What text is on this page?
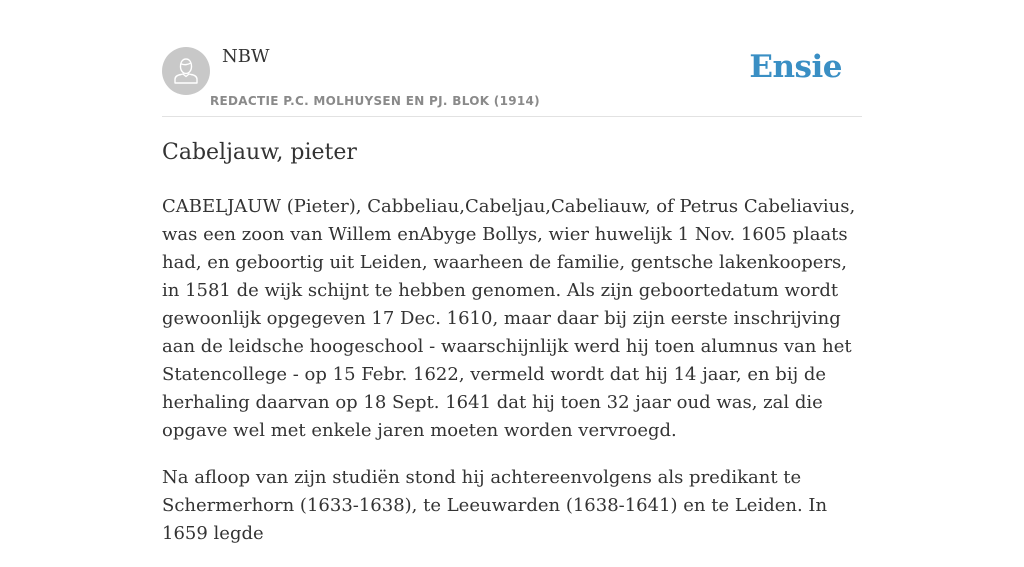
NBW
REDACTIE P.C. MOLHUYSEN EN PJ. BLOK (1914)
Ensie
Cabeljauw, pieter

CABELJAUW (Pieter), Cabbeliau,Cabeljau,Cabeliauw, of Petrus Cabeliavius, was een zoon van Willem enAbyge Bollys, wier huwelijk 1 Nov. 1605 plaats had, en geboortig uit Leiden, waarheen de familie, gentsche lakenkoopers, in 1581 de wijk schijnt te hebben genomen. Als zijn geboortedatum wordt gewoonlijk opgegeven 17 Dec. 1610, maar daar bij zijn eerste inschrijving aan de leidsche hoogeschool - waarschijnlijk werd hij toen alumnus van het Statencollege - op 15 Febr. 1622, vermeld wordt dat hij 14 jaar, en bij de herhaling daarvan op 18 Sept. 1641 dat hij toen 32 jaar oud was, zal die opgave wel met enkele jaren moeten worden vervroegd.

Na afloop van zijn studiën stond hij achtereenvolgens als predikant te Schermerhorn (1633-1638), te Leeuwarden (1638-1641) en te Leiden. In 1659 legde
